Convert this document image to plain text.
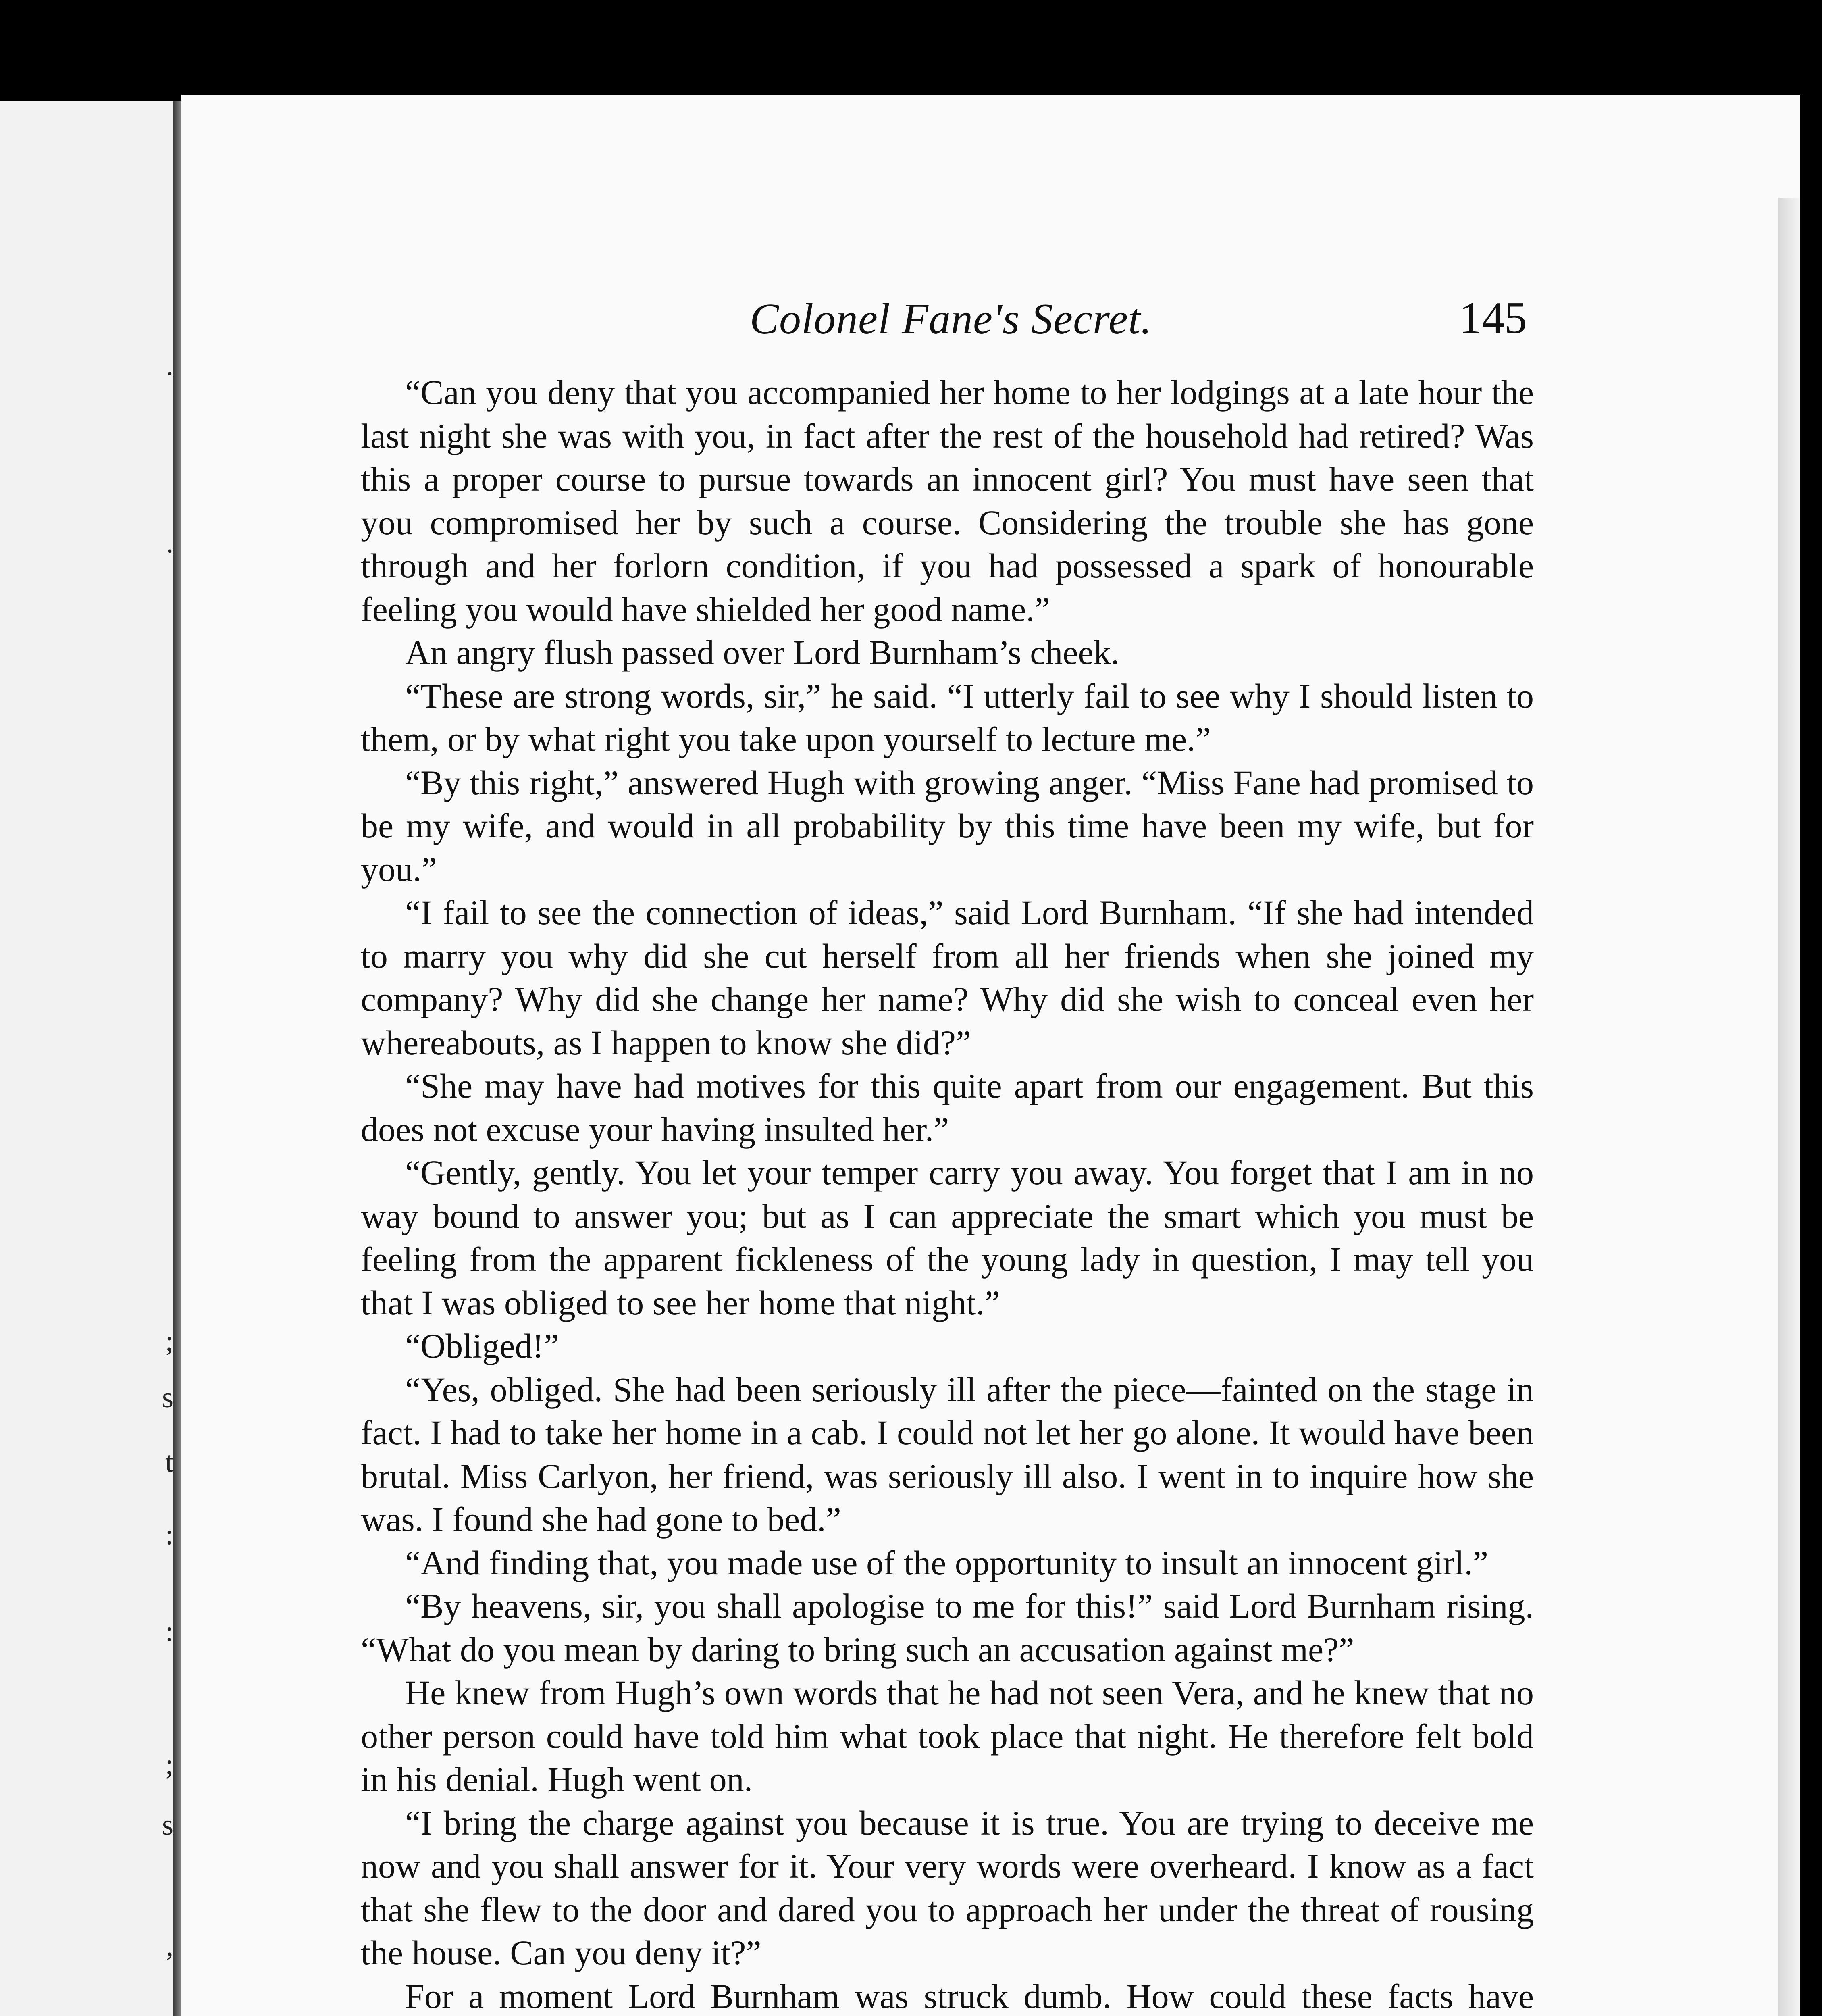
.
.
;
s
t
:
:
;
s
,
Colonel Fane's Secret.	145

“Can you deny that you accompanied her home to her lodgings at a late hour the last night she was with you, in fact after the rest of the household had retired? Was this a proper course to pursue towards an innocent girl? You must have seen that you compromised her by such a course. Considering the trouble she has gone through and her forlorn condition, if you had possessed a spark of honourable feeling you would have shielded her good name.”

An angry flush passed over Lord Burnham’s cheek.

“These are strong words, sir,” he said. “I utterly fail to see why I should listen to them, or by what right you take upon yourself to lecture me.”

“By this right,” answered Hugh with growing anger. “Miss Fane had promised to be my wife, and would in all probability by this time have been my wife, but for you.”

“I fail to see the connection of ideas,” said Lord Burnham. “If she had intended to marry you why did she cut herself from all her friends when she joined my company? Why did she change her name? Why did she wish to conceal even her whereabouts, as I happen to know she did?”

“She may have had motives for this quite apart from our engagement. But this does not excuse your having insulted her.”

“Gently, gently. You let your temper carry you away. You forget that I am in no way bound to answer you; but as I can appreciate the smart which you must be feeling from the apparent fickleness of the young lady in question, I may tell you that I was obliged to see her home that night.”

“Obliged!”

“Yes, obliged. She had been seriously ill after the piece—fainted on the stage in fact. I had to take her home in a cab. I could not let her go alone. It would have been brutal. Miss Carlyon, her friend, was seriously ill also. I went in to inquire how she was. I found she had gone to bed.”

“And finding that, you made use of the opportunity to insult an innocent girl.”

“By heavens, sir, you shall apologise to me for this!” said Lord Burnham rising. “What do you mean by daring to bring such an accusation against me?”

He knew from Hugh’s own words that he had not seen Vera, and he knew that no other person could have told him what took place that night. He therefore felt bold in his denial. Hugh went on.

“I bring the charge against you because it is true. You are trying to deceive me now and you shall answer for it. Your very words were overheard. I know as a fact that she flew to the door and dared you to approach her under the threat of rousing the house. Can you deny it?”

For a moment Lord Burnham was struck dumb. How could these facts have
